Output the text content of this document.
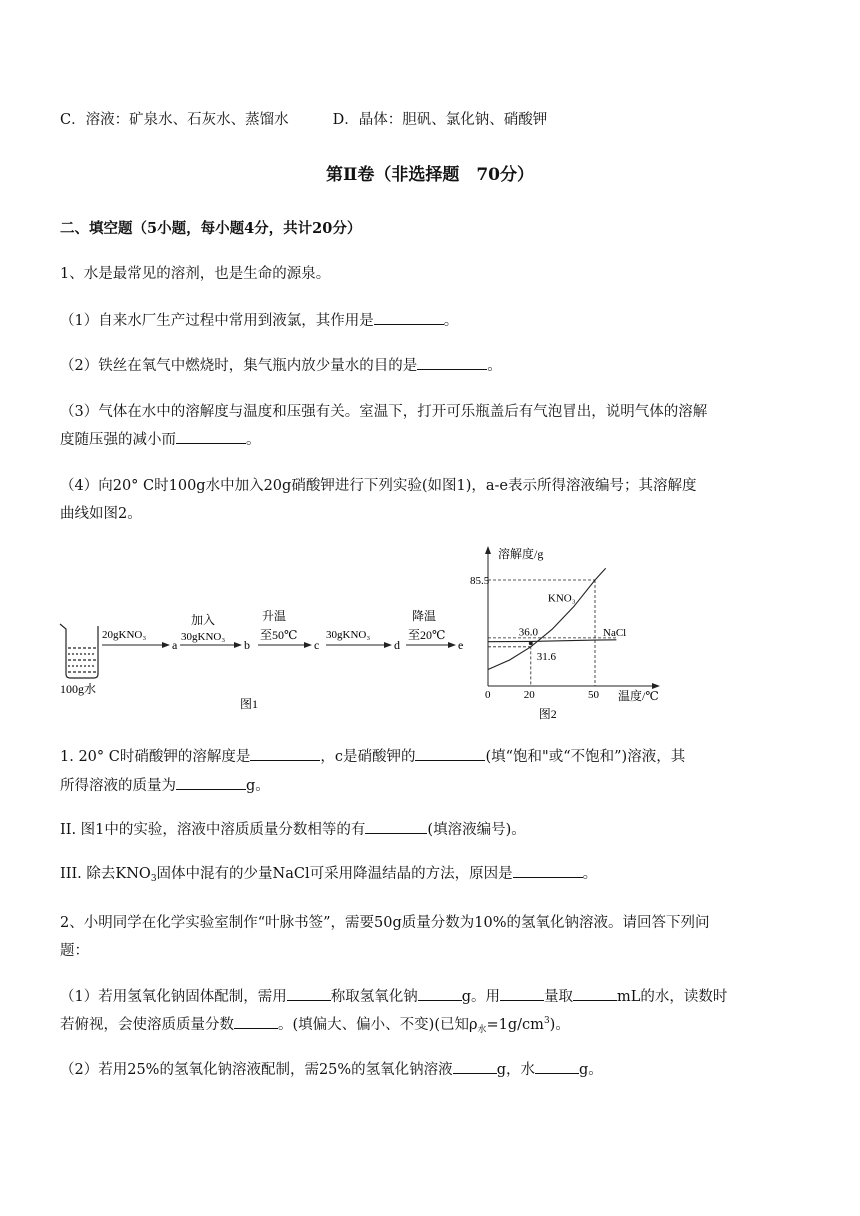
C．溶液：矿泉水、石灰水、蒸馏水	D．晶体：胆矾、氯化钠、硝酸钾
第Ⅱ卷（非选择题　70分）
二、填空题（5小题，每小题4分，共计20分）
1、水是最常见的溶剂，也是生命的源泉。
（1）自来水厂生产过程中常用到液氯，其作用是	。
（2）铁丝在氧气中燃烧时，集气瓶内放少量水的目的是	。
（3）气体在水中的溶解度与温度和压强有关。室温下，打开可乐瓶盖后有气泡冒出，说明气体的溶解
度随压强的减小而	。
（4）向20° C时100g水中加入20g硝酸钾进行下列实验(如图1)，a-e表示所得溶液编号；其溶解度
曲线如图2。
100g水
20gKNO₃
a
加入
30gKNO₃
b
升温
至50℃
c
30gKNO₃
d
降温
至20℃
e
图1
溶解度/g
温度/℃
0	20	50
85.5
36.0
31.6
KNO₃
NaCl
图2
1. 20° C时硝酸钾的溶解度是	，c是硝酸钾的	(填“饱和"或“不饱和”)溶液，其
所得溶液的质量为	g。
II. 图1中的实验，溶液中溶质质量分数相等的有	(填溶液编号)。
III. 除去$KNO_3$固体中混有的少量NaCl可采用降温结晶的方法，原因是	。
2、小明同学在化学实验室制作“叶脉书签”，需要50g质量分数为10%的氢氧化钠溶液。请回答下列问
题：
（1）若用氢氧化钠固体配制，需用	称取氢氧化钠	g。用	量取	mL的水，读数时
若俯视，会使溶质质量分数	。(填偏大、偏小、不变)(已知$\rho_水=1g/cm^3$)。
（2）若用25%的氢氧化钠溶液配制，需25%的氢氧化钠溶液	g，水	g。
